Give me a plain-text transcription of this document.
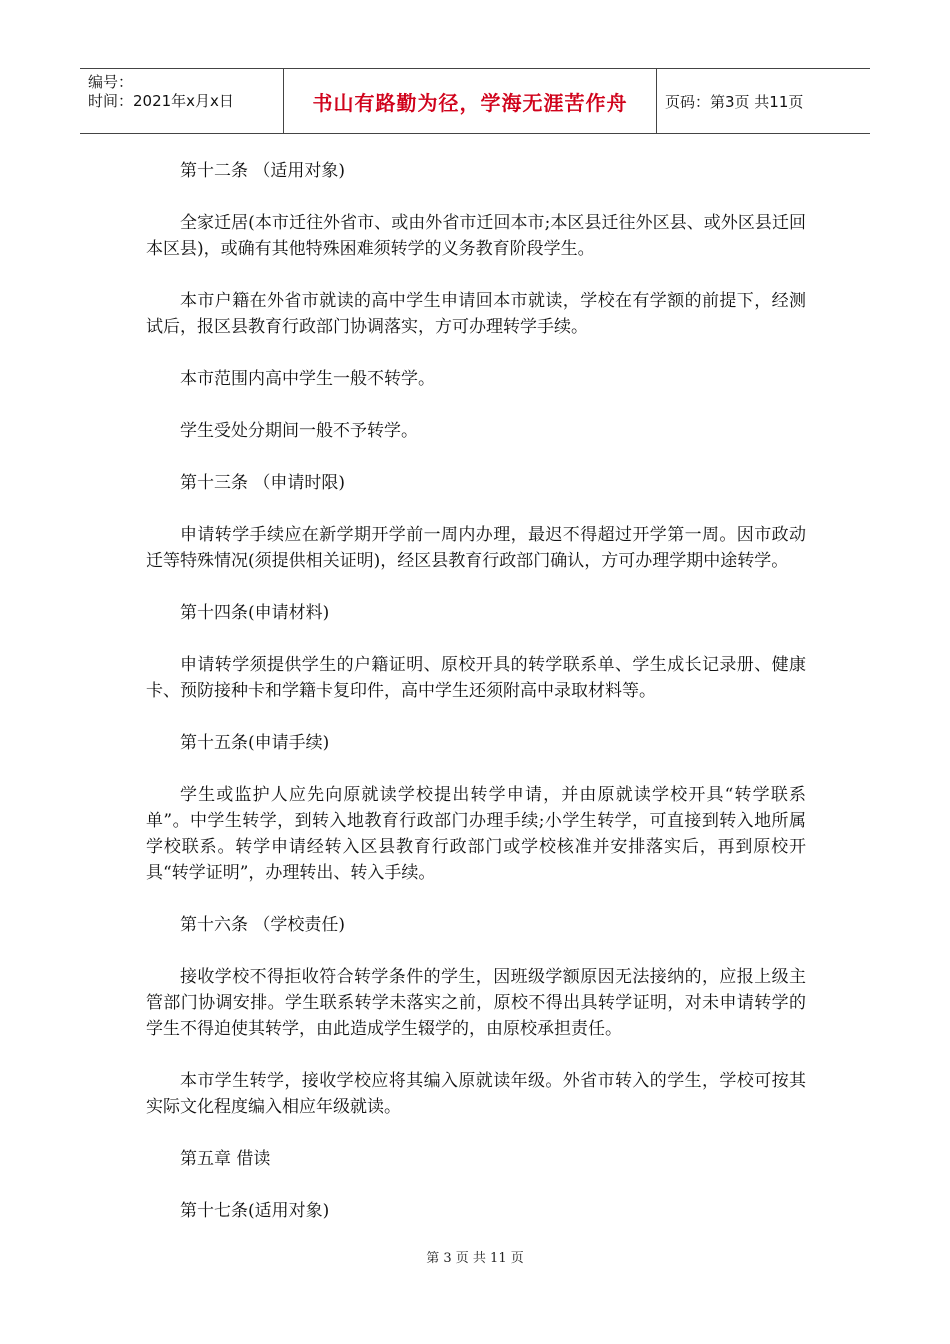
编号：
时间：2021年x月x日	书山有路勤为径，学海无涯苦作舟	页码：第3页 共11页

第十二条 （适用对象)

全家迁居(本市迁往外省市、或由外省市迁回本市;本区县迁往外区县、或外区县迁回本区县)，或确有其他特殊困难须转学的义务教育阶段学生。

本市户籍在外省市就读的高中学生申请回本市就读，学校在有学额的前提下，经测试后，报区县教育行政部门协调落实，方可办理转学手续。

本市范围内高中学生一般不转学。

学生受处分期间一般不予转学。

第十三条 （申请时限)

申请转学手续应在新学期开学前一周内办理，最迟不得超过开学第一周。因市政动迁等特殊情况(须提供相关证明)，经区县教育行政部门确认，方可办理学期中途转学。

第十四条(申请材料)

申请转学须提供学生的户籍证明、原校开具的转学联系单、学生成长记录册、健康卡、预防接种卡和学籍卡复印件，高中学生还须附高中录取材料等。

第十五条(申请手续)

学生或监护人应先向原就读学校提出转学申请，并由原就读学校开具“转学联系单”。中学生转学，到转入地教育行政部门办理手续;小学生转学，可直接到转入地所属学校联系。转学申请经转入区县教育行政部门或学校核准并安排落实后，再到原校开具“转学证明”，办理转出、转入手续。

第十六条 （学校责任)

接收学校不得拒收符合转学条件的学生，因班级学额原因无法接纳的，应报上级主管部门协调安排。学生联系转学未落实之前，原校不得出具转学证明，对未申请转学的学生不得迫使其转学，由此造成学生辍学的，由原校承担责任。

本市学生转学，接收学校应将其编入原就读年级。外省市转入的学生，学校可按其实际文化程度编入相应年级就读。

第五章 借读

第十七条(适用对象)

第 3 页 共 11 页
